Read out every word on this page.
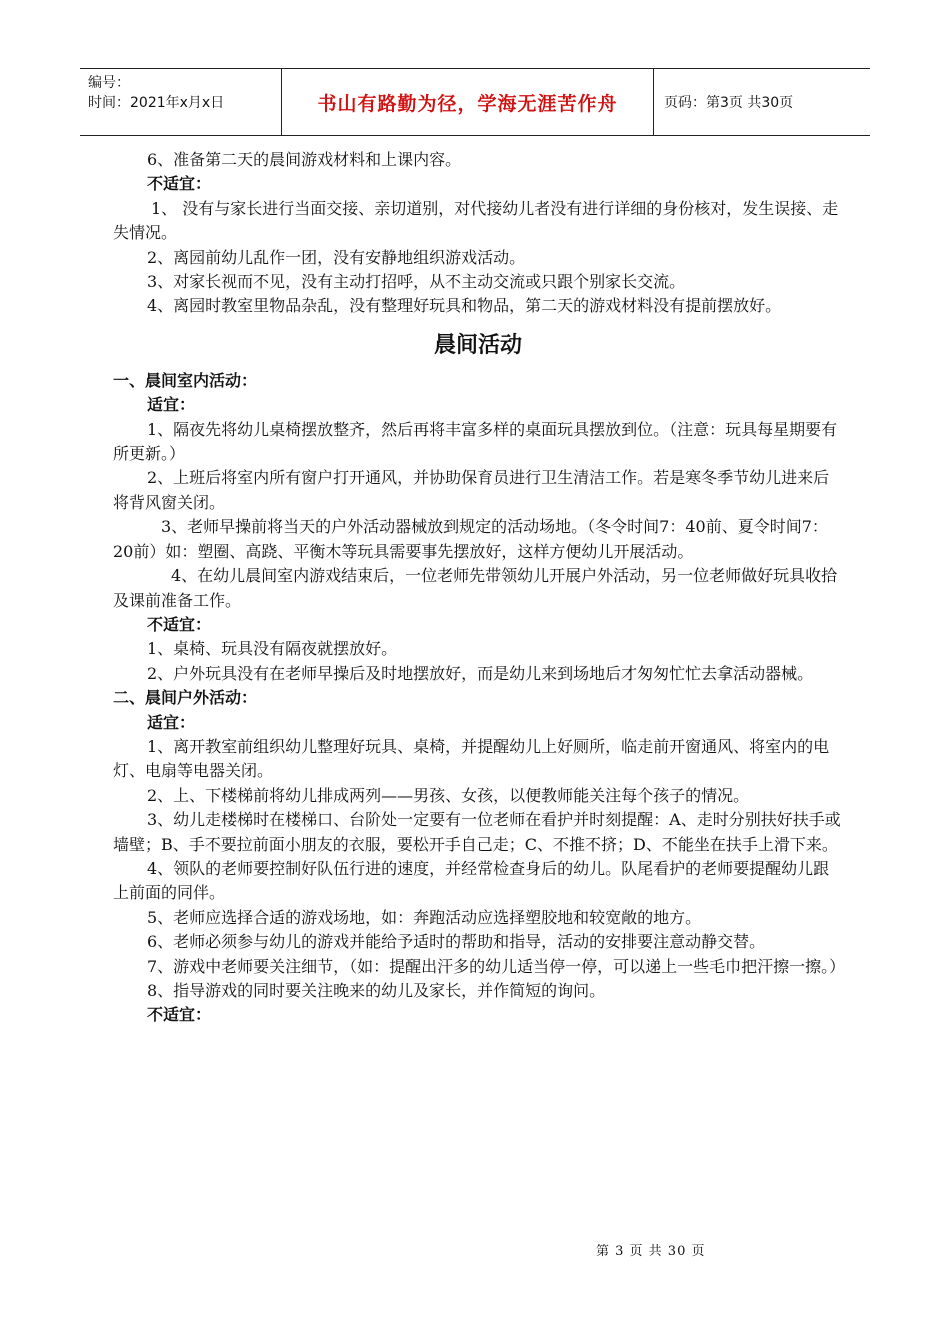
编号：
时间：2021年x月x日	书山有路勤为径，学海无涯苦作舟	页码：第3页 共30页

6、准备第二天的晨间游戏材料和上课内容。

不适宜：

1、 没有与家长进行当面交接、亲切道别，对代接幼儿者没有进行详细的身份核对，发生误接、走失情况。

2、离园前幼儿乱作一团，没有安静地组织游戏活动。

3、对家长视而不见，没有主动打招呼，从不主动交流或只跟个别家长交流。

4、离园时教室里物品杂乱，没有整理好玩具和物品，第二天的游戏材料没有提前摆放好。

晨间活动

一、晨间室内活动：

适宜：

1、隔夜先将幼儿桌椅摆放整齐，然后再将丰富多样的桌面玩具摆放到位。（注意：玩具每星期要有所更新。）

2、上班后将室内所有窗户打开通风，并协助保育员进行卫生清洁工作。若是寒冬季节幼儿进来后将背风窗关闭。

3、老师早操前将当天的户外活动器械放到规定的活动场地。（冬令时间7：40前、夏令时间7：20前）如：塑圈、高跷、平衡木等玩具需要事先摆放好，这样方便幼儿开展活动。

4、在幼儿晨间室内游戏结束后，一位老师先带领幼儿开展户外活动，另一位老师做好玩具收拾及课前准备工作。

不适宜：

1、桌椅、玩具没有隔夜就摆放好。

2、户外玩具没有在老师早操后及时地摆放好，而是幼儿来到场地后才匆匆忙忙去拿活动器械。

二、晨间户外活动：

适宜：

1、离开教室前组织幼儿整理好玩具、桌椅，并提醒幼儿上好厕所，临走前开窗通风、将室内的电灯、电扇等电器关闭。

2、上、下楼梯前将幼儿排成两列——男孩、女孩，以便教师能关注每个孩子的情况。

3、幼儿走楼梯时在楼梯口、台阶处一定要有一位老师在看护并时刻提醒：A、走时分别扶好扶手或墙壁；B、手不要拉前面小朋友的衣服，要松开手自己走；C、不推不挤；D、不能坐在扶手上滑下来。

4、领队的老师要控制好队伍行进的速度，并经常检查身后的幼儿。队尾看护的老师要提醒幼儿跟上前面的同伴。

5、老师应选择合适的游戏场地，如：奔跑活动应选择塑胶地和较宽敞的地方。

6、老师必须参与幼儿的游戏并能给予适时的帮助和指导，活动的安排要注意动静交替。

7、游戏中老师要关注细节，（如：提醒出汗多的幼儿适当停一停，可以递上一些毛巾把汗擦一擦。）

8、指导游戏的同时要关注晚来的幼儿及家长，并作简短的询问。

不适宜：

第 3 页 共 30 页
